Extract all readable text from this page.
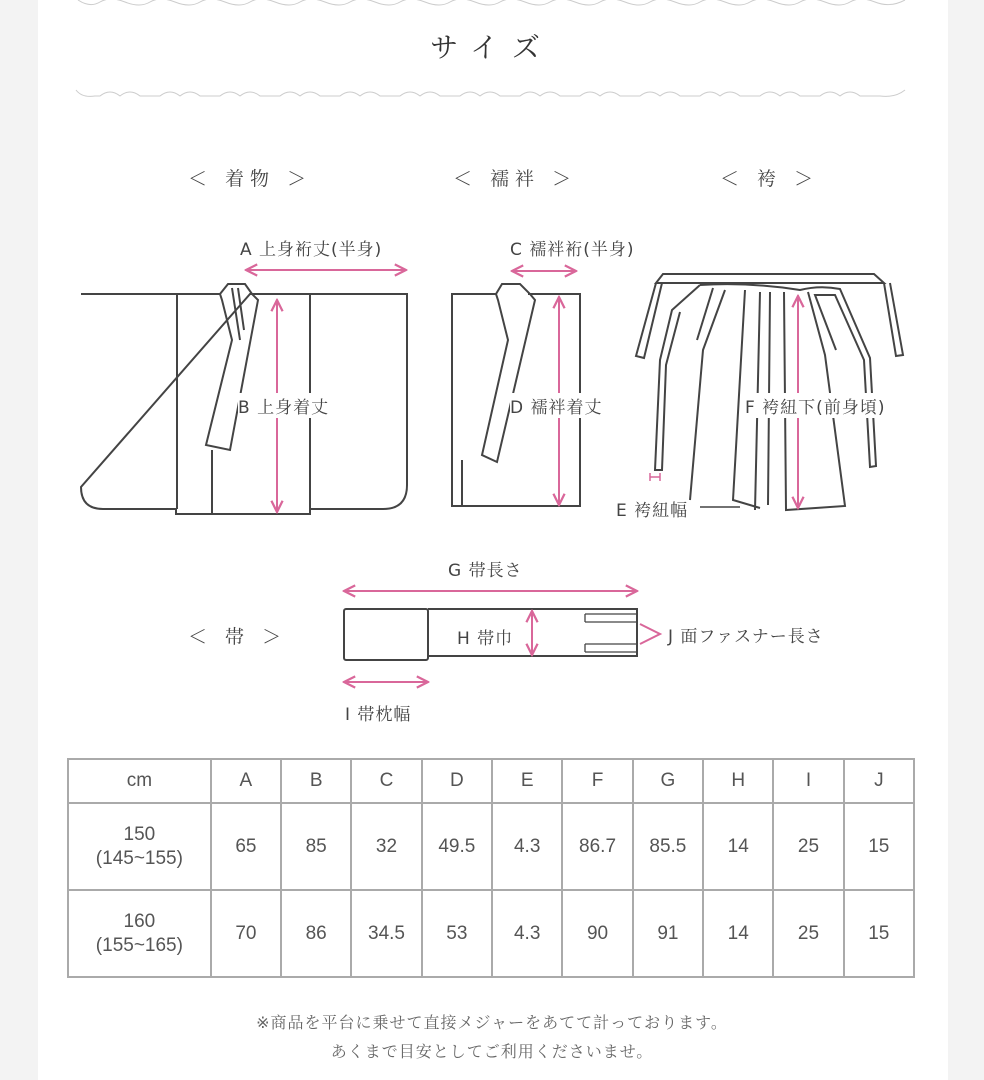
サイズ
＜ 着物 ＞	＜ 襦袢 ＞	＜ 袴 ＞
＜ 帯 ＞
A 上身裄丈(半身)
B 上身着丈
C 襦袢裄(半身)
D 襦袢着丈
E 袴紐幅
F 袴紐下(前身頃)
G 帯長さ
H 帯巾
I 帯枕幅
J 面ファスナー長さ
cm	A	B	C	D	E	F	G	H	I	J

150
(145~155)	65	85	32	49.5	4.3	86.7	85.5	14	25	15

160
(155~165)	70	86	34.5	53	4.3	90	91	14	25	15
※商品を平台に乗せて直接メジャーをあてて計っております。
あくまで目安としてご利用くださいませ。
